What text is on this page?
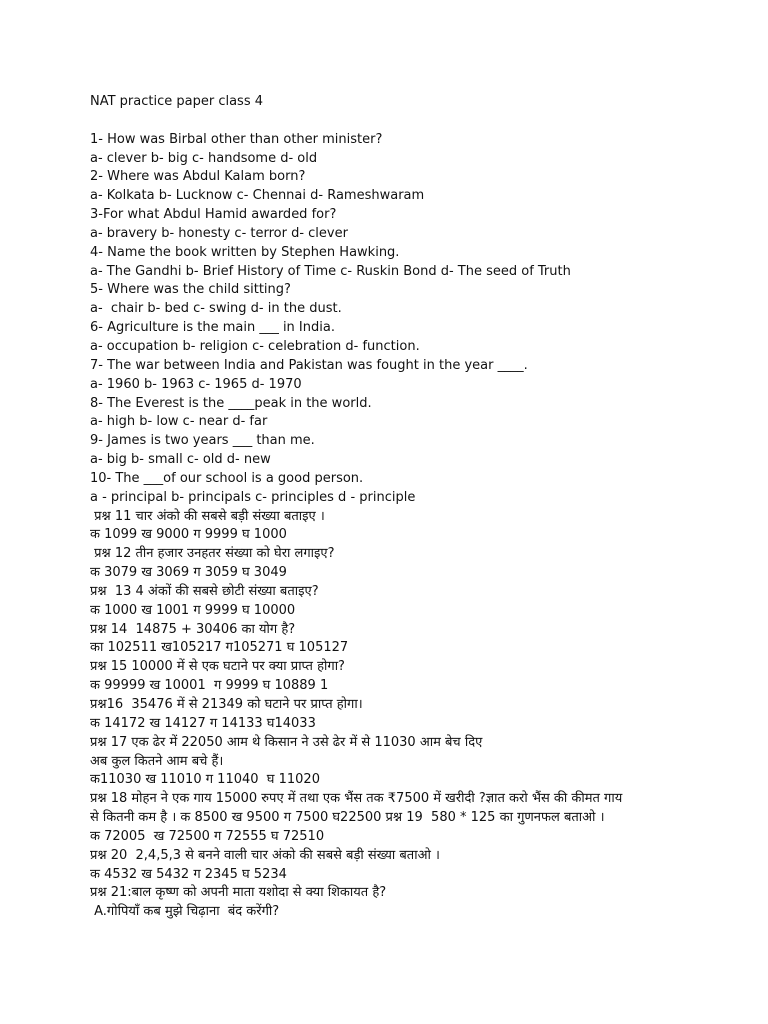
NAT practice paper class 4
1- How was Birbal other than other minister?
a- clever b- big c- handsome d- old
2- Where was Abdul Kalam born?
a- Kolkata b- Lucknow c- Chennai d- Rameshwaram
3-For what Abdul Hamid awarded for?
a- bravery b- honesty c- terror d- clever
4- Name the book written by Stephen Hawking.
a- The Gandhi b- Brief History of Time c- Ruskin Bond d- The seed of Truth
5- Where was the child sitting?
a-  chair b- bed c- swing d- in the dust.
6- Agriculture is the main ___ in India.
a- occupation b- religion c- celebration d- function.
7- The war between India and Pakistan was fought in the year ____.
a- 1960 b- 1963 c- 1965 d- 1970
8- The Everest is the ____peak in the world.
a- high b- low c- near d- far
9- James is two years ___ than me.
a- big b- small c- old d- new
10- The ___of our school is a good person.
a - principal b- principals c- principles d - principle
प्रश्न 11 चार अंको की सबसे बड़ी संख्या बताइए ।
क 1099 ख 9000 ग 9999 घ 1000
प्रश्न 12 तीन हजार उनहतर संख्या को घेरा लगाइए?
क 3079 ख 3069 ग 3059 घ 3049
प्रश्न  13 4 अंकों की सबसे छोटी संख्या बताइए?
क 1000 ख 1001 ग 9999 घ 10000
प्रश्न 14  14875 + 30406 का योग है?
का 102511 ख105217 ग105271 घ 105127
प्रश्न 15 10000 में से एक घटाने पर क्या प्राप्त होगा?
क 99999 ख 10001  ग 9999 घ 10889 1
प्रश्न16  35476 में से 21349 को घटाने पर प्राप्त होगा।
क 14172 ख 14127 ग 14133 घ14033
प्रश्न 17 एक ढेर में 22050 आम थे किसान ने उसे ढेर में से 11030 आम बेच दिए
अब कुल कितने आम बचे हैं।
क11030 ख 11010 ग 11040  घ 11020
प्रश्न 18 मोहन ने एक गाय 15000 रुपए में तथा एक भैंस तक ₹7500 में खरीदी ?ज्ञात करो भैंस की कीमत गाय
से कितनी कम है । क 8500 ख 9500 ग 7500 घ22500 प्रश्न 19  580 * 125 का गुणनफल बताओ ।
क 72005  ख 72500 ग 72555 घ 72510
प्रश्न 20  2,4,5,3 से बनने वाली चार अंको की सबसे बड़ी संख्या बताओ ।
क 4532 ख 5432 ग 2345 घ 5234
प्रश्न 21:बाल कृष्ण को अपनी माता यशोदा से क्या शिकायत है?
A.गोपियाँ कब मुझे चिढ़ाना  बंद करेंगी?
